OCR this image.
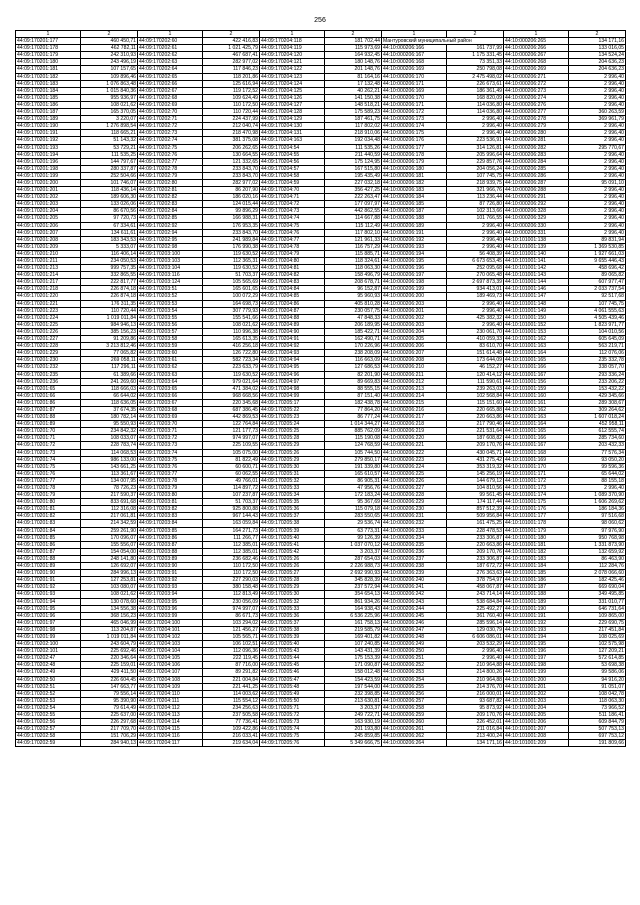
256
1	2	1	2	1	2	1	2	1	2
44:09:170201:177	460 450,71	44:09:170202:60	422 416,83	44:09:170204:118	181 702,44	Мантуровский муниципальный район		44:10:000206:265	134 171,16
44:09:170201:178	462 782,11	44:09:170202:61	1 021 425,79	44:09:170204:119	115 973,69	44:10:000206:166	161 737,99	44:10:000206:266	133 016,05
44:09:170201:179	242 310,93	44:09:170202:62	467 687,41	44:09:170204:120	164 932,45	44:10:000206:167	1 175 331,45	44:10:000206:267	134 524,24
44:09:170201:180	243 496,19	44:09:170202:63	282 977,02	44:09:170204:121	180 148,76	44:10:000206:168	73 351,33	44:10:000206:268	204 636,23
44:09:170201:181	107 157,65	44:09:170202:64	117 846,23	44:09:170204:122	201 148,76	44:10:000206:169	250 798,08	44:10:000206:269	204 636,23
44:09:170201:182	109 896,46	44:09:170202:65	118 201,86	44:09:170204:123	81 164,16	44:10:000206:170	2 475 498,02	44:10:000206:271	2 996,40
44:09:170201:183	1 076 863,48	44:09:170202:66	125 616,94	44:09:170204:124	17 132,48	44:10:000206:171	226 673,61	44:10:000206:272	2 996,40
44:09:170201:184	1 015 840,36	44:09:170202:67	119 172,52	44:09:170204:125	40 262,21	44:10:000206:169	186 361,49	44:10:000206:273	2 996,40
44:09:170201:185	955 936,97	44:09:170202:68	109 624,49	44:09:170204:126	141 150,38	44:10:000206:170	168 820,09	44:10:000206:274	2 996,40
44:09:170201:186	108 021,62	44:09:170202:69	110 172,50	44:09:170204:127	148 518,21	44:10:000206:171	114 036,80	44:10:000206:276	2 996,40
44:09:170201:187	165 370,05	44:09:170202:70	110 720,44	44:09:170204:128	175 589,23	44:10:000206:172	114 036,80	44:10:000206:277	360 263,59
44:09:170201:189	3 220,07	44:09:170202:71	224 437,99	44:09:170204:129	187 461,75	44:10:000206:173	2 996,40	44:10:000206:278	369 961,79
44:09:170201:190	1 276 898,54	44:09:170202:72	212 040,74	44:09:170204:130	117 802,02	44:10:000206:174	2 996,40	44:10:000206:279	2 996,40
44:09:170201:191	118 665,21	44:09:170202:73	218 470,98	44:09:170204:131	218 910,06	44:10:000206:175	2 996,40	44:10:000206:280	2 996,40
44:09:170201:192	51 143,32	44:09:170202:74	381 375,08	44:09:170204:163	192 034,48	44:10:000206:176	223 536,91	44:10:000206:281	2 996,40
44:09:170201:193	53 729,21	44:09:170202:75	206 262,65	44:09:170204:54	111 535,26	44:10:000206:177	314 126,81	44:10:000206:282	295 770,67
44:09:170201:194	111 535,25	44:09:170202:76	130 664,55	44:09:170204:55	211 440,59	44:10:000206:178	205 996,64	44:10:000206:283	2 996,40
44:09:170201:196	144 797,67	44:09:170202:77	121 332,65	44:09:170204:56	175 124,95	44:10:000206:179	229 857,76	44:10:000206:284	2 996,40
44:09:170201:198	280 337,87	44:09:170202:78	233 843,70	44:09:170204:57	167 515,80	44:10:000206:180	204 056,24	44:10:000206:285	2 996,40
44:09:170201:199	252 504,66	44:09:170202:79	233 843,70	44:09:170204:58	195 435,49	44:10:000206:181	107 745,75	44:10:000206:286	2 996,40
44:09:170201:200	101 746,07	44:09:170202:80	282 977,02	44:09:170204:59	227 032,18	44:10:000206:182	218 939,75	44:10:000206:287	95 091,10
44:09:170201:201	118 436,14	44:09:170202:81	86 207,90	44:09:170204:70	356 427,25	44:10:000206:183	321 966,76	44:10:000206:288	2 996,40
44:09:170201:202	189 606,30	44:09:170202:82	186 020,16	44:09:170204:71	222 263,47	44:10:000206:184	113 236,44	44:10:000206:291	2 996,40
44:09:170201:203	133 026,06	44:09:170202:83	124 015,44	44:09:170204:72	177 097,97	44:10:000206:185	87 726,80	44:10:000206:292	2 996,40
44:09:170201:204	86 670,56	44:09:170202:84	99 896,29	44:09:170204:73	442 862,55	44:10:000206:187	102 313,66	44:10:000206:328	2 996,40
44:09:170201:205	97 720,73	44:09:170202:85	166 988,31	44:09:170204:74	114 667,88	44:10:000206:188	101 766,55	44:10:000206:329	2 996,40
44:09:170201:206	67 334,61	44:09:170202:92	176 953,35	44:09:170204:75	115 112,49	44:10:000206:189	2 996,40	44:10:000206:330	2 996,40
44:09:170201:207	134 611,61	44:09:170202:94	233 843,70	44:09:170204:76	117 802,10	44:10:000206:191	2 996,40	44:10:000206:331	2 996,40
44:09:170201:208	183 343,53	44:09:170202:95	241 989,84	44:09:170204:77	121 961,33	44:10:000206:192	2 996,40	44:10:101001:138	89 831,94
44:09:170201:209	5 333,07	44:09:170202:98	176 990,38	44:09:170204:78	116 757,29	44:10:000206:193	2 996,40	44:10:101001:139	1 369 530,85
44:09:170201:210	116 406,14	44:09:170203:100	119 630,52	44:09:170204:79	115 885,71	44:10:000206:194	56 408,39	44:10:101001:140	1 927 661,03
44:09:170201:211	234 050,53	44:09:170203:103	112 365,31	44:09:170204:80	118 324,61	44:10:000206:195	6 673 653,45	44:10:101001:141	9 655 446,43
44:09:170201:213	999 757,35	44:09:170203:104	119 630,52	44:09:170204:81	118 063,30	44:10:000206:196	252 095,68	44:10:101001:142	458 696,42
44:09:170201:214	332 865,55	44:09:170203:116	51 703,37	44:09:170204:82	158 496,79	44:10:000206:197	270 065,48	44:10:101001:143	89 065,82
44:09:170201:217	222 817,77	44:09:170203:124	105 565,69	44:09:170204:83	208 678,71	44:10:000206:198	2 697 873,39	44:10:101001:144	607 977,47
44:09:170201:218	226 874,18	44:09:170203:51	165 601,65	44:09:170204:84	96 152,87	44:10:000206:199	934 413,01	44:10:101001:146	2 033 737,54
44:09:170201:220	226 874,18	44:09:170203:52	100 072,29	44:09:170204:85	95 960,93	44:10:000206:200	189 469,73	44:10:101001:147	92 517,68
44:09:170201:221	176 311,35	44:09:170203:53	164 698,73	44:09:170204:86	405 810,28	44:10:000206:203	2 996,40	44:10:101001:148	107 745,75
44:09:170201:223	110 720,44	44:09:170203:54	307 779,93	44:09:170204:87	230 057,75	44:10:000206:201	2 996,40	44:10:101001:149	4 061 555,63
44:09:170201:224	1 019 011,84	44:09:170203:55	155 541,66	44:09:170204:88	47 848,33	44:10:000206:202	425 382,32	44:10:101001:150	4 505 439,46
44:09:170201:225	984 946,13	44:09:170203:56	108 021,62	44:09:170204:89	206 189,95	44:10:000206:203	2 996,40	44:10:101001:152	1 823 971,77
44:09:170201:226	385 156,23	44:09:170203:57	110 996,38	44:09:170204:90	185 422,71	44:10:000206:204	230 061,70	44:10:101001:153	104 010,56
44:09:170201:227	91 209,86	44:09:170203:58	165 613,35	44:09:170204:91	162 490,71	44:10:000206:205	410 059,33	44:10:101001:162	605 645,09
44:09:170201:228	3 213 812,46	44:09:170203:59	416 256,18	44:09:170204:92	170 226,96	44:10:000206:206	83 610,70	44:10:101001:163	563 219,71
44:09:170201:229	77 065,82	44:09:170203:60	126 722,80	44:09:170204:93	238 208,09	44:10:000206:207	151 614,48	44:10:101001:164	112 076,06
44:09:170201:230	269 058,11	44:09:170203:61	582 723,34	44:09:170204:94	116 663,09	44:10:000206:208	173 644,09	44:10:101001:165	235 332,78
44:09:170201:232	117 296,11	44:09:170203:62	223 633,79	44:09:170204:95	127 686,53	44:10:000206:210	46 152,27	44:10:101001:166	338 057,70
44:09:170201:235	61 389,66	44:09:170203:63	119 630,52	44:09:170204:96	82 201,90	44:10:000206:211	120 414,12	44:10:101001:167	293 336,24
44:09:170201:236	241 269,60	44:09:170203:64	979 021,64	44:09:170204:97	89 669,83	44:10:000206:212	111 590,61	44:10:101001:156	233 206,22
44:09:170201:65	118 666,03	44:09:170203:65	471 384,02	44:09:170204:98	88 555,15	44:10:000206:213	239 263,03	44:10:101001:159	153 432,22
44:09:170201:66	66 644,02	44:09:170203:66	968 668,56	44:09:170204:99	87 151,40	44:10:000206:214	102 568,84	44:10:101001:160	429 345,66
44:09:170201:86	118 636,05	44:09:170203:67	220 345,68	44:09:170205:17	182 438,78	44:10:000206:215	115 151,60	44:10:101001:161	289 308,67
44:09:170201:87	37 674,35	44:09:170203:68	687 386,45	44:09:170205:22	77 864,20	44:10:000206:216	220 665,88	44:10:101001:162	309 264,62
44:09:170201:88	180 782,14	44:09:170203:69	442 869,53	44:09:170205:23	86 777,24	44:10:000206:217	220 663,86	44:10:101001:163	1 607 018,24
44:09:170201:89	95 550,93	44:09:170203:70	122 764,84	44:09:170205:24	1 014 344,27	44:10:000206:218	217 790,46	44:10:101001:164	452 958,11
44:09:170201:70	234 842,32	44:09:170203:71	121 177,73	44:09:170205:25	885 762,09	44:10:000206:219	221 531,64	44:10:101001:165	612 555,74
44:09:170201:71	108 033,07	44:09:170203:72	974 997,07	44:09:170205:28	115 190,08	44:10:000206:220	187 608,82	44:10:101001:166	285 734,60
44:09:170201:72	228 783,74	44:09:170203:73	225 109,55	44:09:170205:29	124 768,59	44:10:000206:221	209 170,76	44:10:101001:167	203 432,33
44:09:170201:73	114 068,53	44:09:170203:74	105 075,00	44:09:170205:26	105 744,50	44:10:000206:222	430 045,71	44:10:101001:168	77 576,34
44:09:170201:74	986 133,00	44:09:170203:75	81 822,49	44:09:170205:29	279 850,17	44:10:000206:223	431 275,42	44:10:101001:169	93 050,20
44:09:170201:75	143 661,25	44:09:170203:76	60 600,71	44:09:170205:30	191 339,80	44:10:000206:224	353 319,32	44:10:101001:170	99 596,36
44:09:170201:76	113 361,67	44:09:170203:77	60 062,55	44:09:170205:31	165 610,57	44:10:000206:225	145 256,19	44:10:101001:171	65 644,02
44:09:170201:77	134 007,95	44:09:170203:78	49 766,01	44:09:170205:32	86 905,31	44:10:000206:226	144 679,12	44:10:101001:172	88 155,18
44:09:170201:78	78 726,23	44:09:170203:79	114 897,72	44:09:170205:33	47 956,76	44:10:000206:227	104 810,56	44:10:101001:173	2 996,40
44:09:170201:79	217 590,37	44:09:170203:80	107 237,87	44:09:170205:34	172 183,24	44:10:000206:228	99 561,45	44:10:101001:174	1 089 370,90
44:09:170201:80	833 691,68	44:09:170203:81	51 703,37	44:09:170205:35	95 367,69	44:10:000206:229	174 117,44	44:10:101001:175	1 606 269,62
44:09:170201:81	112 316,08	44:09:170203:82	925 800,88	44:09:170205:36	115 079,18	44:10:000206:230	857 512,39	44:10:101001:176	186 184,36
44:09:170201:82	217 061,81	44:09:170203:83	967 144,43	44:09:170205:37	283 550,65	44:10:000206:231	509 956,84	44:10:101001:177	97 516,68
44:09:170201:83	214 342,59	44:09:170203:84	163 059,84	44:09:170205:38	29 536,74	44:10:000206:232	161 475,25	44:10:101001:178	98 060,62
44:09:170201:84	259 261,90	44:09:170203:85	164 271,73	44:09:170205:39	63 773,31	44:10:000206:233	228 478,53	44:10:101001:179	97 976,90
44:09:170201:85	170 096,07	44:09:170203:86	111 266,77	44:09:170205:40	99 126,39	44:10:000206:234	233 306,87	44:10:101001:180	950 768,98
44:09:170201:86	155 556,07	44:09:170203:87	112 385,01	44:09:170205:41	1 037 070,12	44:10:000206:235	220 663,86	44:10:101001:181	1 331 873,90
44:09:170201:87	154 054,00	44:09:170203:88	112 385,01	44:09:170205:42	3 203,37	44:10:000206:236	209 170,76	44:10:101001:182	132 659,92
44:09:170201:88	248 141,80	44:09:170203:89	236 682,46	44:09:170205:26	287 654,03	44:10:000206:237	233 306,87	44:10:101001:183	86 463,90
44:09:170201:89	126 692,07	44:09:170203:90	110 172,50	44:09:170205:26	2 226 988,73	44:10:000206:238	187 672,72	44:10:101001:184	112 284,76
44:09:170201:90	284 996,13	44:09:170203:91	110 172,50	44:09:170205:27	2 692 990,93	44:10:000206:239	276 363,63	44:10:101001:185	2 078 066,60
44:09:170201:91	127 253,81	44:09:170203:92	227 290,03	44:09:170205:28	345 828,39	44:10:000206:240	378 754,97	44:10:101001:186	182 425,46
44:09:170201:92	103 080,07	44:09:170203:93	380 158,48	44:09:170205:29	237 572,94	44:10:000206:241	458 067,87	44:10:101001:187	669 690,04
44:09:170201:93	108 021,62	44:09:170203:94	112 813,49	44:09:170205:30	354 654,13	44:10:000206:242	243 714,14	44:10:101001:188	349 495,85
44:09:170201:94	130 078,60	44:09:170203:95	230 056,09	44:09:170205:32	861 934,26	44:10:000206:243	538 684,84	44:10:101001:189	331 010,77
44:09:170201:95	134 556,38	44:09:170203:96	974 997,07	44:09:170205:33	164 938,43	44:10:000206:244	225 492,27	44:10:101001:190	646 731,64
44:09:170201:96	368 156,23	44:09:170203:99	86 671,73	44:09:170205:36	6 536 225,96	44:10:000206:245	361 760,40	44:10:101001:191	109 865,00
44:09:170201:97	465 046,99	44:09:170204:100	103 294,02	44:09:170205:37	161 758,13	44:10:000206:246	285 596,14	44:10:101001:192	229 690,75
44:09:170201:98	113 204,87	44:09:170204:101	121 456,27	44:09:170205:38	219 585,79	44:10:000206:247	129 030,79	44:10:101001:193	217 451,84
44:09:170201:99	1 019 011,84	44:09:170204:102	105 565,71	44:09:170205:39	169 401,82	44:10:000206:248	6 606 086,01	44:10:101001:194	108 025,69
44:09:170202:100	243 604,79	44:09:170204:103	106 102,51	44:09:170205:40	107 240,85	44:10:000206:249	203 532,29	44:10:101001:195	102 575,98
44:09:170202:101	225 692,46	44:09:170204:104	112 096,36	44:09:170205:43	143 431,39	44:10:000206:250	2 996,40	44:10:101001:196	127 209,21
44:09:170202:47	220 346,64	44:09:170204:105	222 119,45	44:09:170205:44	175 153,39	44:10:000206:251	2 996,40	44:10:101001:197	572 614,85
44:09:170202:48	225 159,01	44:09:170204:106	87 716,00	44:09:170205:45	171 090,87	44:10:000206:252	210 964,88	44:10:101001:198	53 698,38
44:09:170202:49	429 411,50	44:09:170204:107	89 291,82	44:09:170205:46	158 012,48	44:10:000206:253	214 800,26	44:10:101001:199	99 586,06
44:09:170202:50	226 604,45	44:09:170204:108	221 004,84	44:09:170205:47	154 423,59	44:10:000206:254	210 964,88	44:10:101001:200	94 916,20
44:09:170202:51	147 663,77	44:09:170204:109	221 441,25	44:09:170205:48	197 544,00	44:10:000206:255	214 376,70	44:10:101001:201	91 051,07
44:09:170202:52	79 556,14	44:09:170204:110	114 003,62	44:09:170205:49	232 398,85	44:10:000206:256	216 000,01	44:10:101001:202	108 042,78
44:09:170202:53	95 390,90	44:09:170204:111	115 554,12	44:09:170205:50	213 630,81	44:10:000206:257	93 687,82	44:10:101001:203	118 063,30
44:09:170202:54	79 614,49	44:09:170204:112	234 256,63	44:09:170205:71	3 203,37	44:10:000206:258	95 873,92	44:10:101001:204	73 966,52
44:09:170202:55	225 637,00	44:09:170204:113	237 505,58	44:09:170205:72	249 722,71	44:10:000206:259	209 170,76	44:10:101001:205	511 186,41
44:09:170202:56	226 297,68	44:09:170204:114	77 736,41	44:09:170205:73	163 930,19	44:10:000206:260	226 452,01	44:10:101001:206	609 844,79
44:09:170202:57	217 709,70	44:09:170204:115	109 422,86	44:09:170205:74	201 193,80	44:10:000206:261	211 016,84	44:10:101001:207	507 753,13
44:09:170202:58	151 706,29	44:09:170204:116	216 033,41	44:09:170205:75	245 859,85	44:10:000206:262	213 400,24	44:10:101001:208	697 753,12
44:09:170202:59	284 940,13	44:09:170204:117	219 634,04	44:09:170205:76	5 349 666,75	44:10:000206:264	134 171,16	44:10:101001:209	191 809,66
